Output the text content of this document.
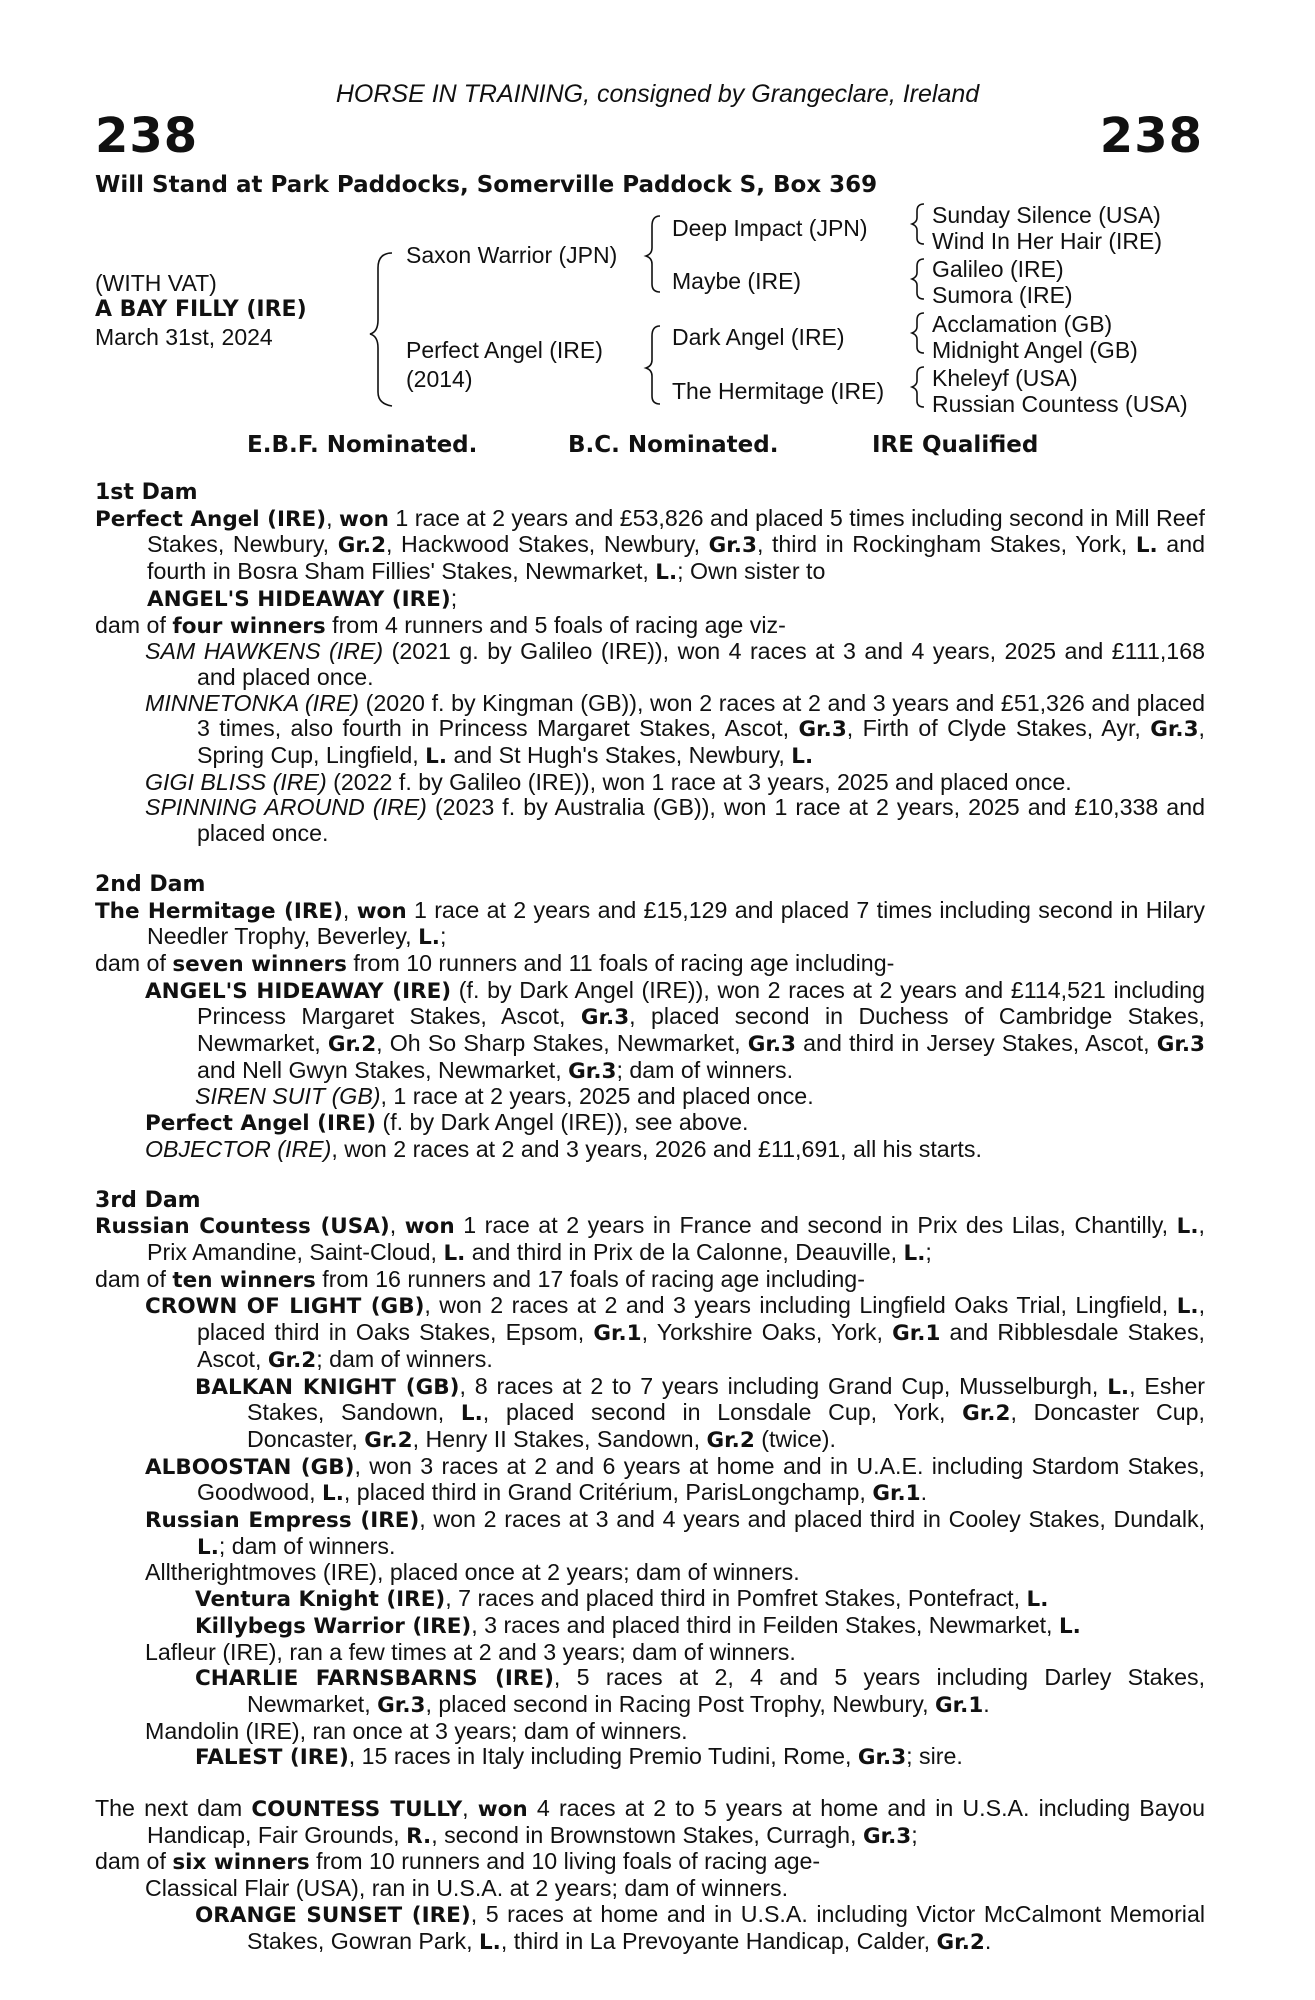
HORSE IN TRAINING, consigned by Grangeclare, Ireland
238	238
Will Stand at Park Paddocks, Somerville Paddock S, Box 369
(WITH VAT)
A BAY FILLY (IRE)
March 31st, 2024
Saxon Warrior (JPN)
Perfect Angel (IRE)
(2014)
Deep Impact (JPN)
Maybe (IRE)
Dark Angel (IRE)
The Hermitage (IRE)
Sunday Silence (USA)
Wind In Her Hair (IRE)
Galileo (IRE)
Sumora (IRE)
Acclamation (GB)
Midnight Angel (GB)
Kheleyf (USA)
Russian Countess (USA)
E.B.F. Nominated.	B.C. Nominated.	IRE Qualified
1st Dam
Perfect Angel (IRE), won 1 race at 2 years and £53,826 and placed 5 times including second in Mill Reef Stakes, Newbury, Gr.2, Hackwood Stakes, Newbury, Gr.3, third in Rockingham Stakes, York, L. and fourth in Bosra Sham Fillies' Stakes, Newmarket, L.; Own sister to
ANGEL'S HIDEAWAY (IRE);
dam of four winners from 4 runners and 5 foals of racing age viz-
SAM HAWKENS (IRE) (2021 g. by Galileo (IRE)), won 4 races at 3 and 4 years, 2025 and £111,168 and placed once.
MINNETONKA (IRE) (2020 f. by Kingman (GB)), won 2 races at 2 and 3 years and £51,326 and placed 3 times, also fourth in Princess Margaret Stakes, Ascot, Gr.3, Firth of Clyde Stakes, Ayr, Gr.3, Spring Cup, Lingfield, L. and St Hugh's Stakes, Newbury, L.
GIGI BLISS (IRE) (2022 f. by Galileo (IRE)), won 1 race at 3 years, 2025 and placed once.
SPINNING AROUND (IRE) (2023 f. by Australia (GB)), won 1 race at 2 years, 2025 and £10,338 and placed once.
2nd Dam
The Hermitage (IRE), won 1 race at 2 years and £15,129 and placed 7 times including second in Hilary Needler Trophy, Beverley, L.;
dam of seven winners from 10 runners and 11 foals of racing age including-
ANGEL'S HIDEAWAY (IRE) (f. by Dark Angel (IRE)), won 2 races at 2 years and £114,521 including Princess Margaret Stakes, Ascot, Gr.3, placed second in Duchess of Cambridge Stakes, Newmarket, Gr.2, Oh So Sharp Stakes, Newmarket, Gr.3 and third in Jersey Stakes, Ascot, Gr.3 and Nell Gwyn Stakes, Newmarket, Gr.3; dam of winners.
SIREN SUIT (GB), 1 race at 2 years, 2025 and placed once.
Perfect Angel (IRE) (f. by Dark Angel (IRE)), see above.
OBJECTOR (IRE), won 2 races at 2 and 3 years, 2026 and £11,691, all his starts.
3rd Dam
Russian Countess (USA), won 1 race at 2 years in France and second in Prix des Lilas, Chantilly, L., Prix Amandine, Saint-Cloud, L. and third in Prix de la Calonne, Deauville, L.;
dam of ten winners from 16 runners and 17 foals of racing age including-
CROWN OF LIGHT (GB), won 2 races at 2 and 3 years including Lingfield Oaks Trial, Lingfield, L., placed third in Oaks Stakes, Epsom, Gr.1, Yorkshire Oaks, York, Gr.1 and Ribblesdale Stakes, Ascot, Gr.2; dam of winners.
BALKAN KNIGHT (GB), 8 races at 2 to 7 years including Grand Cup, Musselburgh, L., Esher Stakes, Sandown, L., placed second in Lonsdale Cup, York, Gr.2, Doncaster Cup, Doncaster, Gr.2, Henry II Stakes, Sandown, Gr.2 (twice).
ALBOOSTAN (GB), won 3 races at 2 and 6 years at home and in U.A.E. including Stardom Stakes, Goodwood, L., placed third in Grand Critérium, ParisLongchamp, Gr.1.
Russian Empress (IRE), won 2 races at 3 and 4 years and placed third in Cooley Stakes, Dundalk, L.; dam of winners.
Alltherightmoves (IRE), placed once at 2 years; dam of winners.
Ventura Knight (IRE), 7 races and placed third in Pomfret Stakes, Pontefract, L.
Killybegs Warrior (IRE), 3 races and placed third in Feilden Stakes, Newmarket, L.
Lafleur (IRE), ran a few times at 2 and 3 years; dam of winners.
CHARLIE FARNSBARNS (IRE), 5 races at 2, 4 and 5 years including Darley Stakes, Newmarket, Gr.3, placed second in Racing Post Trophy, Newbury, Gr.1.
Mandolin (IRE), ran once at 3 years; dam of winners.
FALEST (IRE), 15 races in Italy including Premio Tudini, Rome, Gr.3; sire.
The next dam COUNTESS TULLY, won 4 races at 2 to 5 years at home and in U.S.A. including Bayou Handicap, Fair Grounds, R., second in Brownstown Stakes, Curragh, Gr.3;
dam of six winners from 10 runners and 10 living foals of racing age-
Classical Flair (USA), ran in U.S.A. at 2 years; dam of winners.
ORANGE SUNSET (IRE), 5 races at home and in U.S.A. including Victor McCalmont Memorial Stakes, Gowran Park, L., third in La Prevoyante Handicap, Calder, Gr.2.
